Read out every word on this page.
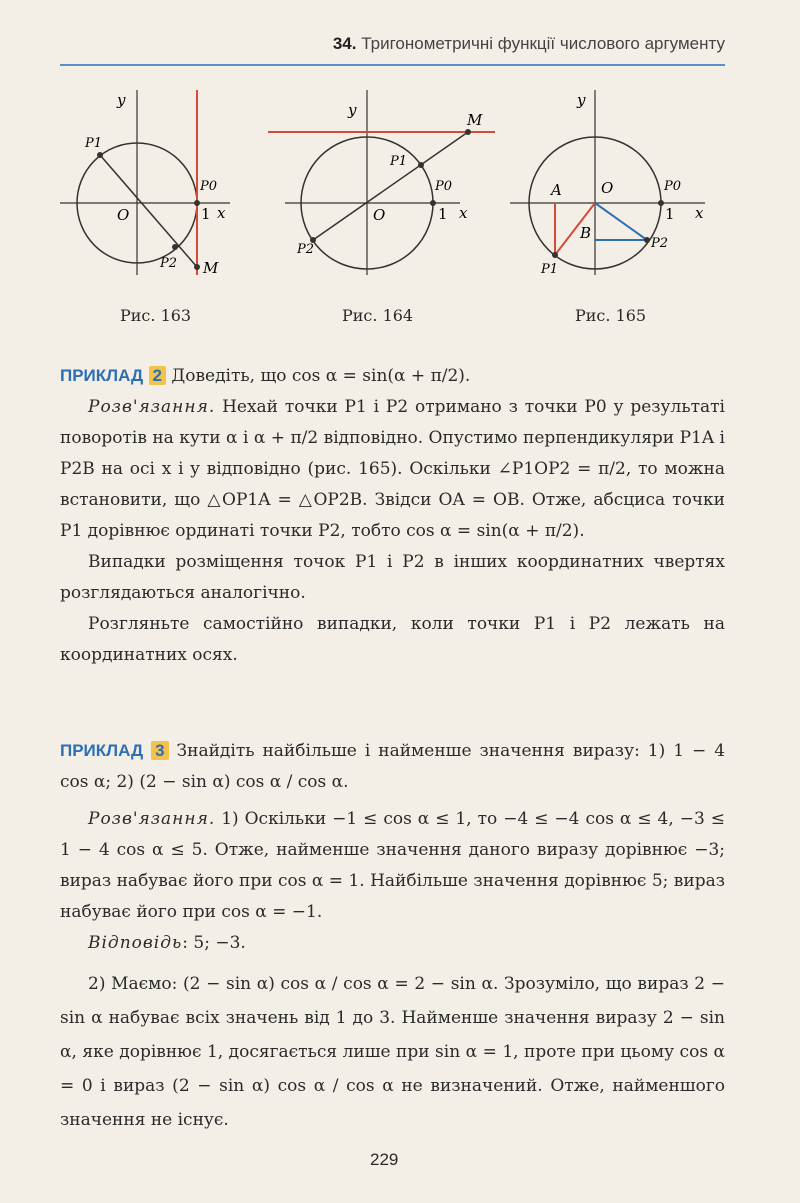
34. Тригонометричні функції числового аргументу
y
x
O	1
P0
P1
P2 M
y
x
O	1
P0
P1
P2
M
y
x
O
1
P0
P1
P2
A
B
Рис. 163	Рис. 164	Рис. 165
ПРИКЛАД 2 Доведіть, що cos α = sin(α + π/2).
Розв'язання. Нехай точки P1 і P2 отримано з точки P0 у результаті поворотів на кути α і α + π/2 відповідно. Опустимо перпендикуляри P1A і P2B на осі x і y відповідно (рис. 165). Оскільки ∠P1OP2 = π/2, то можна встановити, що △OP1A = △OP2B. Звідси OA = OB. Отже, абсциса точки P1 дорівнює ординаті точки P2, тобто cos α = sin(α + π/2).
Випадки розміщення точок P1 і P2 в інших координатних чвертях розглядаються аналогічно.
Розгляньте самостійно випадки, коли точки P1 і P2 лежать на координатних осях.
ПРИКЛАД 3 Знайдіть найбільше і найменше значення виразу: 1) 1 − 4 cos α; 2) (2 − sin α) cos α / cos α.
Розв'язання. 1) Оскільки −1 ≤ cos α ≤ 1, то −4 ≤ −4 cos α ≤ 4, −3 ≤ 1 − 4 cos α ≤ 5. Отже, найменше значення даного виразу дорівнює −3; вираз набуває його при cos α = 1. Найбільше значення дорівнює 5; вираз набуває його при cos α = −1.
Відповідь: 5; −3.
2) Маємо: (2 − sin α) cos α / cos α = 2 − sin α. Зрозуміло, що вираз 2 − sin α набуває всіх значень від 1 до 3. Найменше значення виразу 2 − sin α, яке дорівнює 1, досягається лише при sin α = 1, проте при цьому cos α = 0 і вираз (2 − sin α) cos α / cos α не визначений. Отже, найменшого значення не існує.
229
